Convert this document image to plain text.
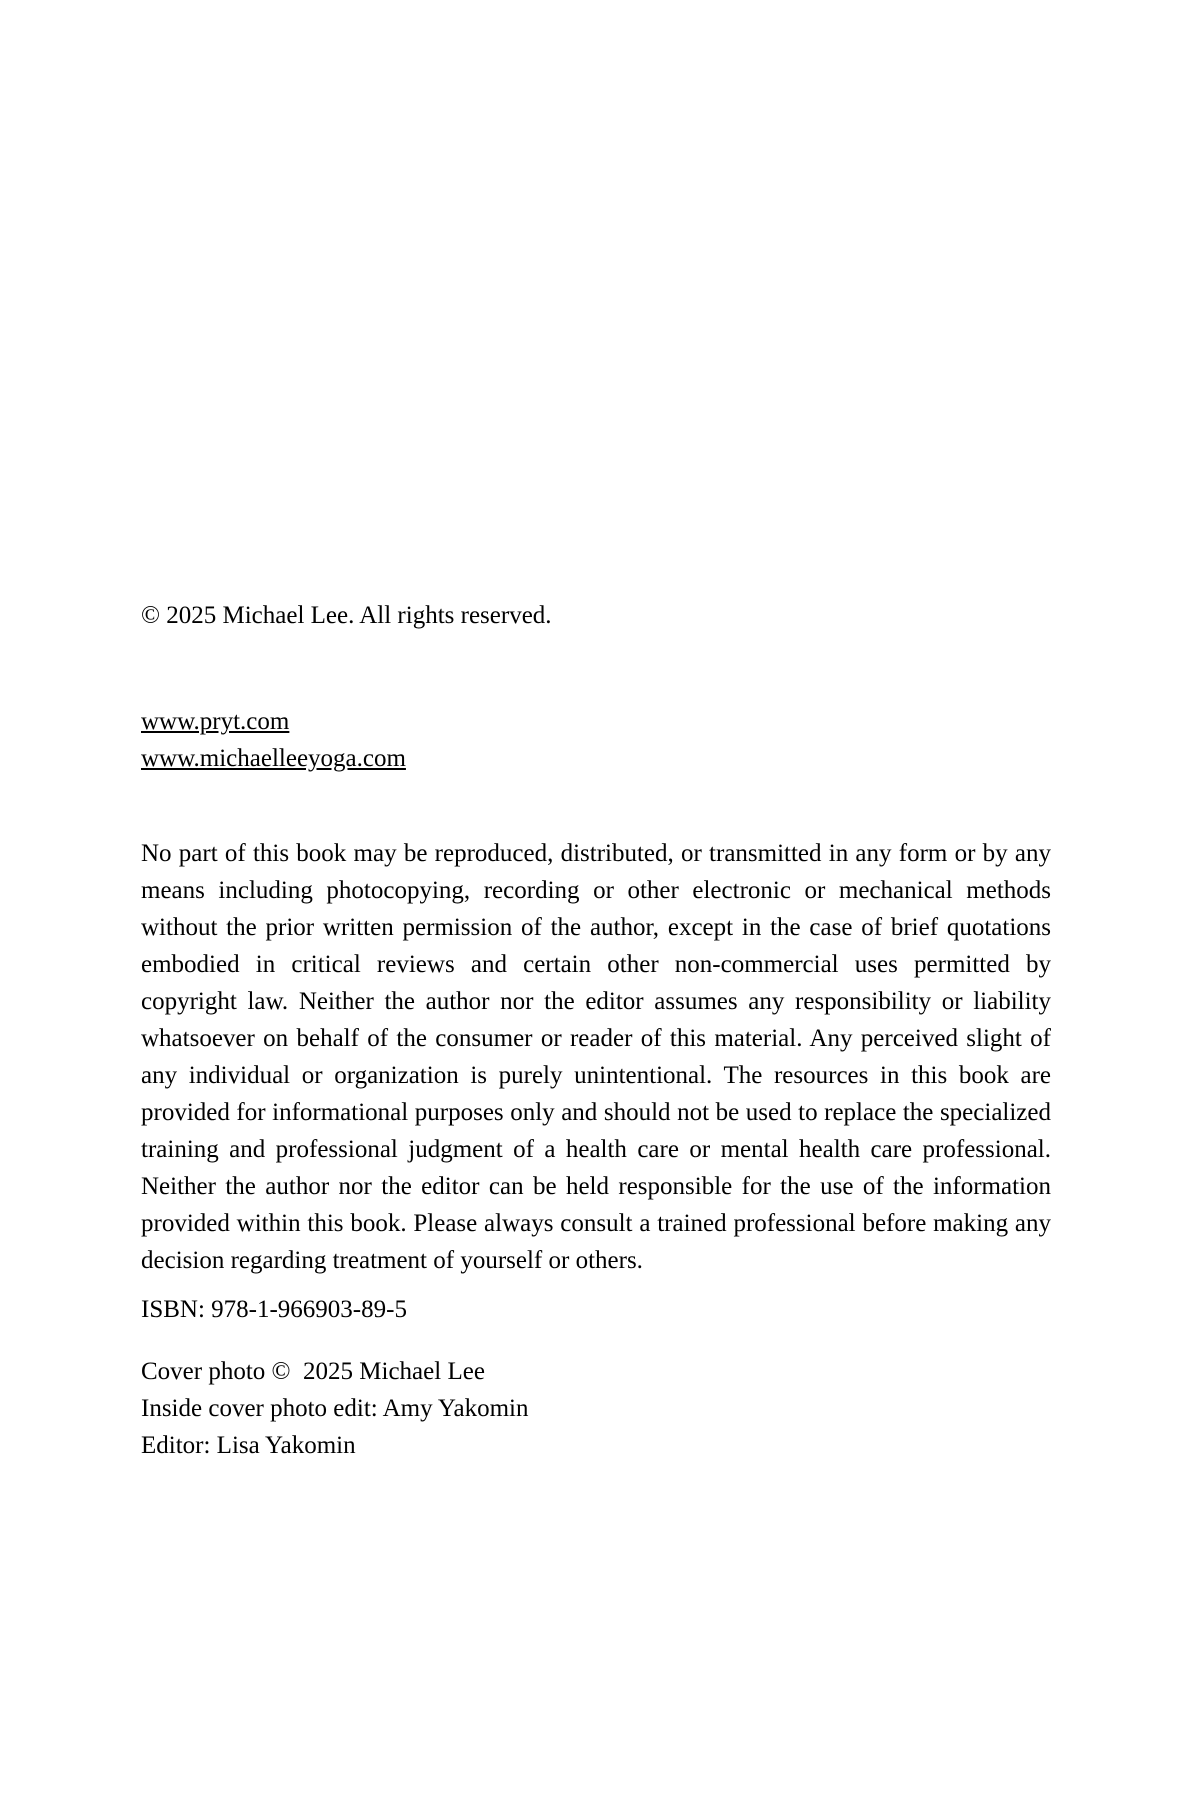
© 2025 Michael Lee. All rights reserved.

www.pryt.com
www.michaelleeyoga.com

No part of this book may be reproduced, distributed, or transmitted in any form or by any means including photocopying, recording or other electronic or mechanical methods without the prior written permission of the author, except in the case of brief quotations embodied in critical reviews and certain other non-commercial uses permitted by copyright law. Neither the author nor the editor assumes any responsibility or liability whatsoever on behalf of the consumer or reader of this material. Any perceived slight of any individual or organization is purely unintentional. The resources in this book are provided for informational purposes only and should not be used to replace the specialized training and professional judgment of a health care or mental health care professional. Neither the author nor the editor can be held responsible for the use of the information provided within this book. Please always consult a trained professional before making any decision regarding treatment of yourself or others.

ISBN: 978-1-966903-89-5

Cover photo ©  2025 Michael Lee
Inside cover photo edit: Amy Yakomin
Editor: Lisa Yakomin
